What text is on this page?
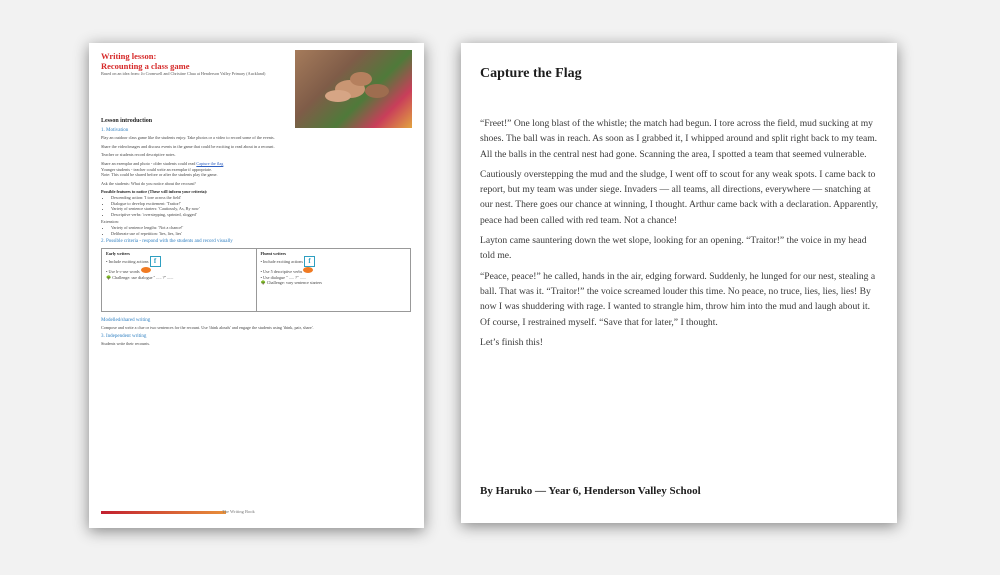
Writing lesson:
Recounting a class game
Based on an idea from: Jo Cromwell and Christine Chua at Henderson Valley Primary (Auckland)
Lesson introduction
1. Motivation

Play an outdoor class game like the students enjoy. Take photos or a video to record some of the events.

Share the video/images and discuss events in the game that could be exciting to read about in a recount.

Teacher or students record descriptive notes.

Share an exemplar and photo - older students could read Capture the flag
Younger students - teacher could write an exemplar if appropriate.
Note: This could be shared before or after the students play the game.

Ask the students: What do you notice about the recount?

Possible features to notice (These will inform your criteria):
• Descending action: 'I tore across the field'
• Dialogue to develop excitement: 'Traitor!'
• Variety of sentence starters: 'Cautiously, As, By now'
• Descriptive verbs: 'overstepping, sprinted, slogged'
Extension:
• Variety of sentence lengths: 'Not a chance!'
• Deliberate use of repetition: 'lies, lies, lies'
2. Possible criteria - respond with the students and record visually
Early writers
• Include exciting actions f
• Use b-c-use words
🌳 Challenge: use dialogue " ..... ?" ......
Fluent writers
• Include exciting actions f
• Use 5 descriptive verbs
• Use dialogue " ..... ?" ......
🌳 Challenge: vary sentence starters
Modelled/shared writing

Compose and write a clue or two sentences for the recount. Use 'think alouds' and engage the students using 'think, pair, share'.

3. Independent writing

Students write their recounts.

The Writing Book
Capture the Flag

“Freet!” One long blast of the whistle; the match had begun. I tore across the field, mud sucking at my shoes. The ball was in reach. As soon as I grabbed it, I whipped around and split right back to my team. All the balls in the central nest had gone. Scanning the area, I spotted a team that seemed vulnerable.

Cautiously overstepping the mud and the sludge, I went off to scout for any weak spots. I came back to report, but my team was under siege. Invaders — all teams, all directions, everywhere — snatching at our nest. There goes our chance at winning, I thought. Arthur came back with a declaration. Apparently, peace had been called with red team. Not a chance!

Layton came sauntering down the wet slope, looking for an opening. “Traitor!” the voice in my head told me.

“Peace, peace!” he called, hands in the air, edging forward. Suddenly, he lunged for our nest, stealing a ball. That was it. “Traitor!” the voice screamed louder this time. No peace, no truce, lies, lies, lies! By now I was shuddering with rage. I wanted to strangle him, throw him into the mud and laugh about it. Of course, I restrained myself. “Save that for later,” I thought.

Let’s finish this!

By Haruko — Year 6, Henderson Valley School
